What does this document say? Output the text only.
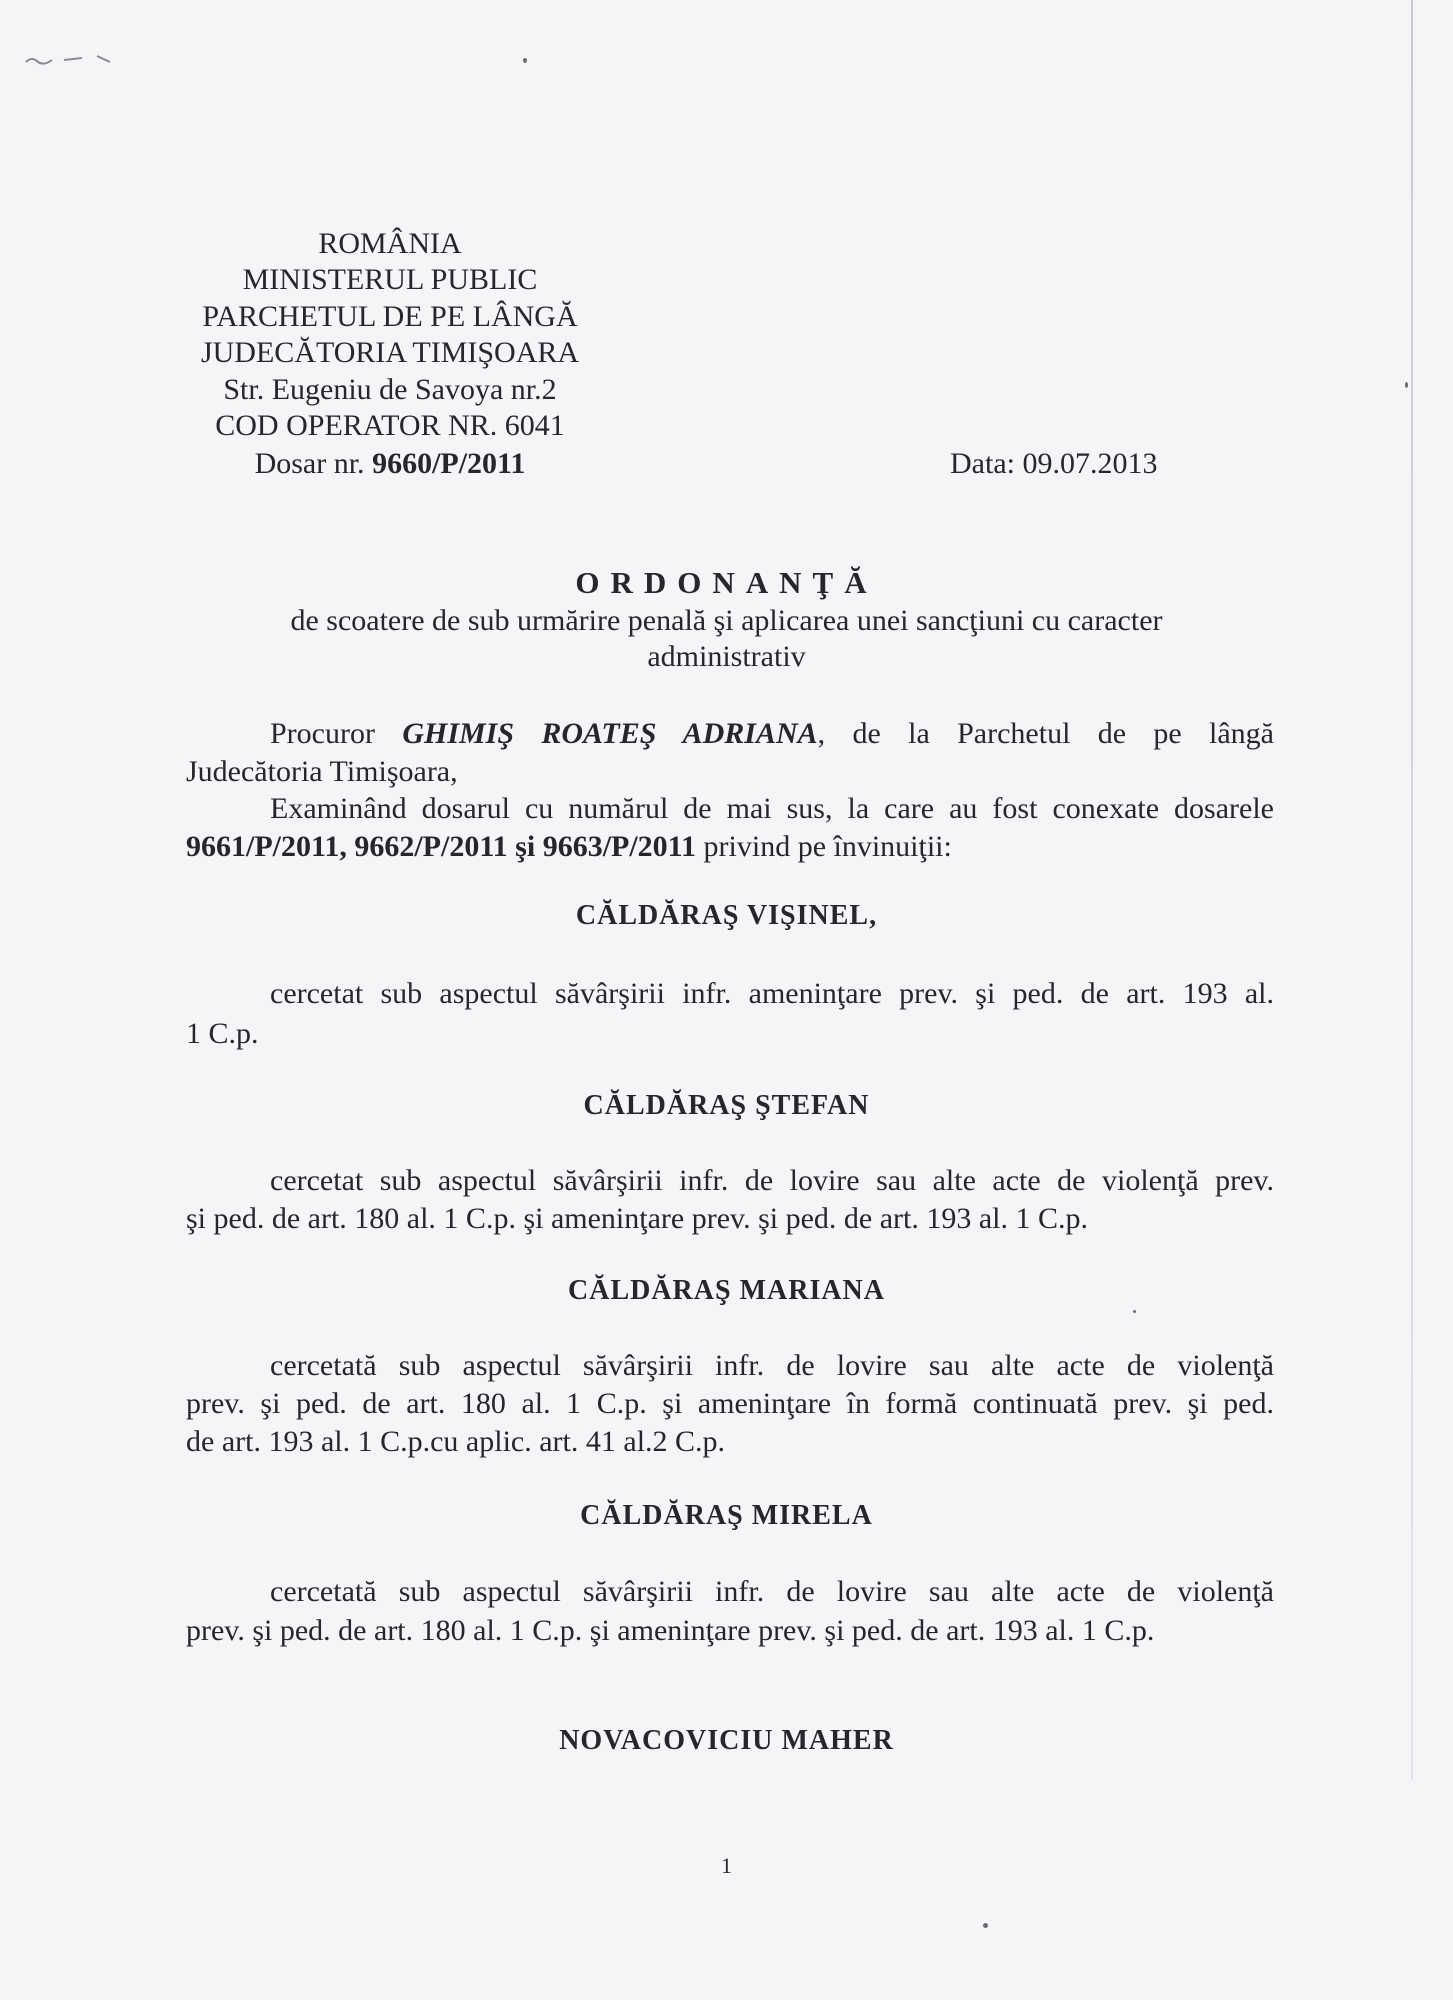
ROMÂNIA
MINISTERUL PUBLIC
PARCHETUL DE PE LÂNGĂ
JUDECĂTORIA TIMIŞOARA
Str. Eugeniu de Savoya nr.2
COD OPERATOR NR. 6041
Dosar nr. 9660/P/2011	Data: 09.07.2013
ORDONANŢĂ
de scoatere de sub urmărire penală şi aplicarea unei sancţiuni cu caracter
administrativ
Procuror GHIMIŞ ROATEŞ ADRIANA, de la Parchetul de pe lângă
Judecătoria Timişoara,
Examinând dosarul cu numărul de mai sus, la care au fost conexate dosarele
9661/P/2011, 9662/P/2011 şi 9663/P/2011 privind pe învinuiţii:
CĂLDĂRAŞ VIŞINEL,
cercetat sub aspectul săvârşirii infr. ameninţare prev. şi ped. de art. 193 al.
1 C.p.
CĂLDĂRAŞ ŞTEFAN
cercetat sub aspectul săvârşirii infr. de lovire sau alte acte de violenţă prev.
şi ped. de art. 180 al. 1 C.p. şi ameninţare prev. şi ped. de art. 193 al. 1 C.p.
CĂLDĂRAŞ MARIANA
cercetată sub aspectul săvârşirii infr. de lovire sau alte acte de violenţă
prev. şi ped. de art. 180 al. 1 C.p. şi ameninţare în formă continuată prev. şi ped.
de art. 193 al. 1 C.p.cu aplic. art. 41 al.2 C.p.
CĂLDĂRAŞ MIRELA
cercetată sub aspectul săvârşirii infr. de lovire sau alte acte de violenţă
prev. şi ped. de art. 180 al. 1 C.p. şi ameninţare prev. şi ped. de art. 193 al. 1 C.p.
NOVACOVICIU MAHER
1
